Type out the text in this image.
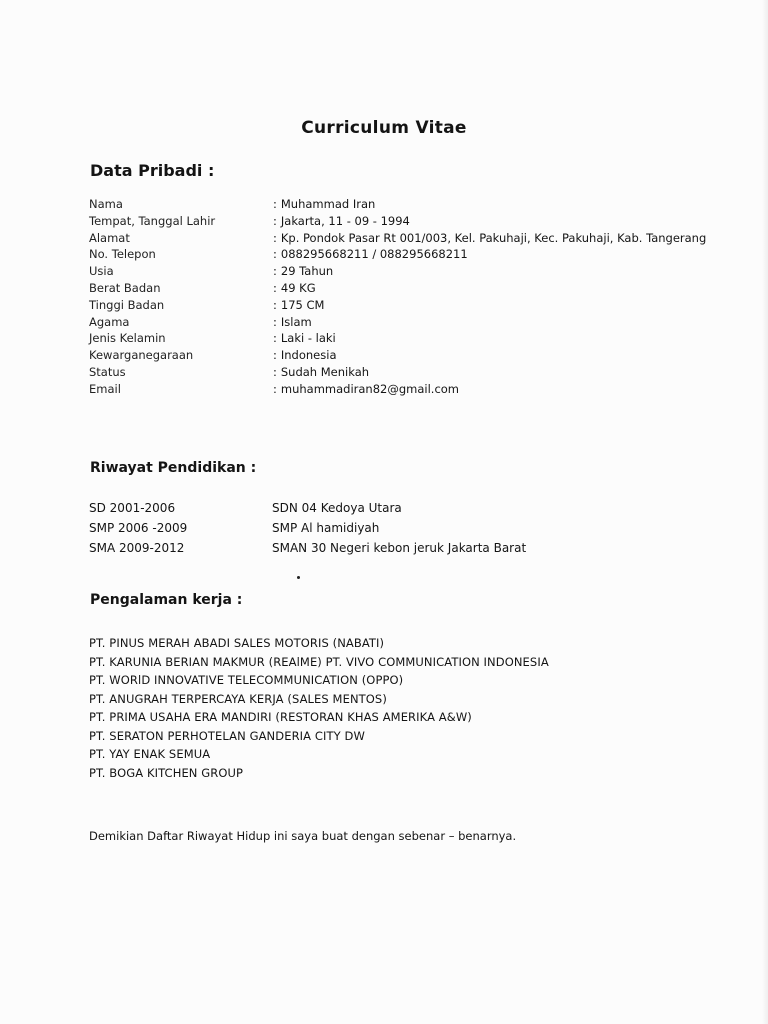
Curriculum Vitae
Data Pribadi :
Nama	: Muhammad Iran
Tempat, Tanggal Lahir	: Jakarta, 11 - 09 - 1994
Alamat	: Kp. Pondok Pasar Rt 001/003, Kel. Pakuhaji, Kec. Pakuhaji, Kab. Tangerang
No. Telepon	: 088295668211 / 088295668211
Usia	: 29 Tahun
Berat Badan	: 49 KG
Tinggi Badan	: 175 CM
Agama	: Islam
Jenis Kelamin	: Laki - laki
Kewarganegaraan	: Indonesia
Status	: Sudah Menikah
Email	: muhammadiran82@gmail.com
Riwayat Pendidikan :
SD 2001-2006	SDN 04 Kedoya Utara
SMP 2006 -2009	SMP Al hamidiyah
SMA 2009-2012	SMAN 30 Negeri kebon jeruk Jakarta Barat
Pengalaman kerja :
PT. PINUS MERAH ABADI SALES MOTORIS (NABATI)
PT. KARUNIA BERIAN MAKMUR (REAlME) PT. VIVO COMMUNICATION INDONESIA
PT. WORlD INNOVATIVE TELECOMMUNICATION (OPPO)
PT. ANUGRAH TERPERCAYA KERJA (SALES MENTOS)
PT. PRIMA USAHA ERA MANDIRI (RESTORAN KHAS AMERIKA A&W)
PT. SERATON PERHOTELAN GANDERIA CITY DW
PT. YAY ENAK SEMUA
PT. BOGA KITCHEN GROUP
Demikian Daftar Riwayat Hidup ini saya buat dengan sebenar – benarnya.
